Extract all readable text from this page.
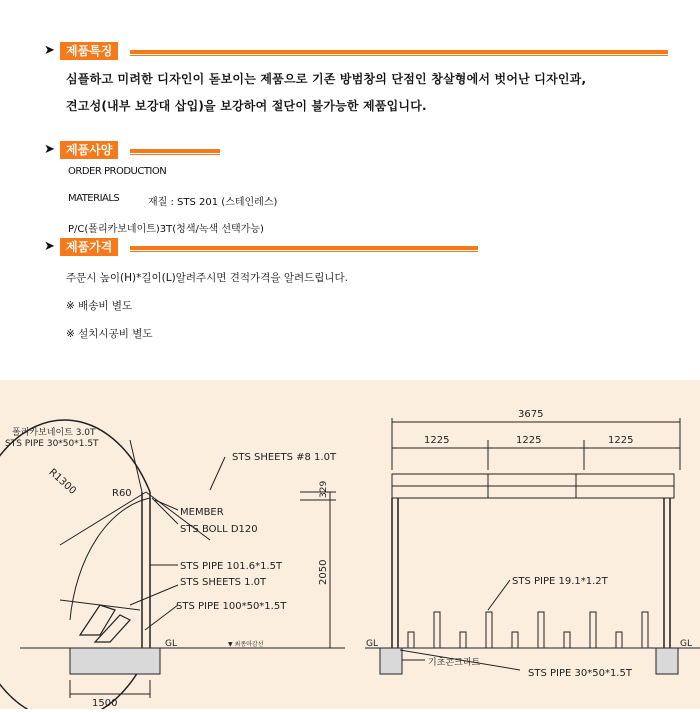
➤ 제품특징
심플하고 미려한 디자인이 돋보이는 제품으로 기존 방범창의 단점인 창살형에서 벗어난 디자인과,
견고성(내부 보강대 삽입)을 보강하여 절단이 불가능한 제품입니다.
➤ 제품사양
ORDER PRODUCTION
MATERIALS	재질 : STS 201 (스테인레스)
P/C(폴리카보네이트)3T(청색/녹색 선택가능)
➤ 제품가격
주문시 높이(H)*길이(L)알려주시면 견적가격을 알려드립니다.
※ 배송비 별도
※ 설치시공비 별도
폴리카보네이트 3.0T
STS PIPE 30*50*1.5T
R1300	R60
STS SHEETS #8 1.0T
MEMBER
STS BOLL D120
STS PIPE 101.6*1.5T
STS SHEETS 1.0T
STS PIPE 100*50*1.5T
GL	▼ 최종마감선
1500
2050
329
3675
1225	1225	1225
STS PIPE 19.1*1.2T
기초콘크리트
STS PIPE 30*50*1.5T
GL	GL
